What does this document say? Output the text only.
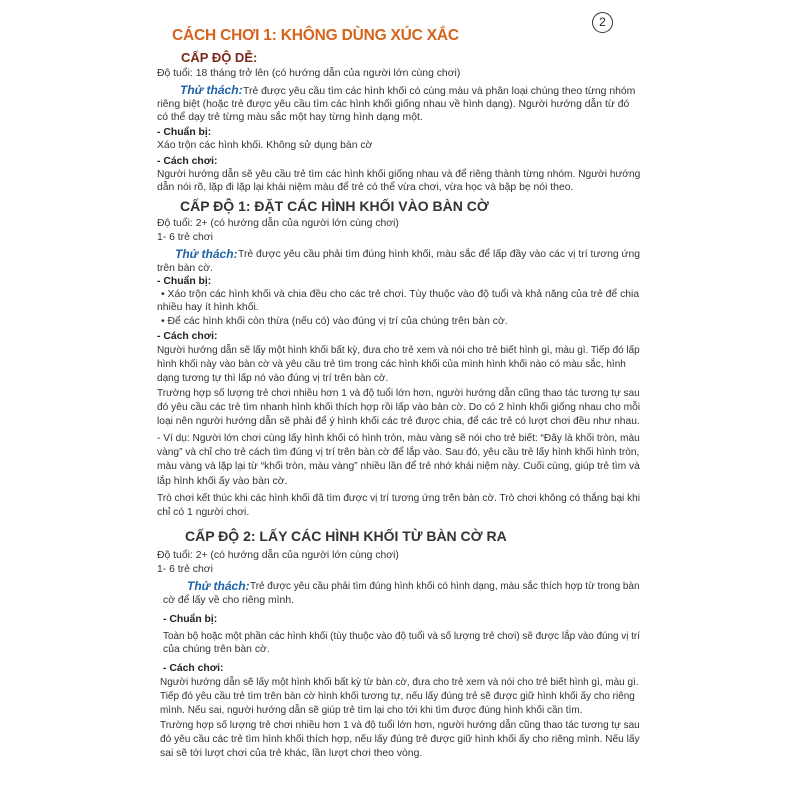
2
CÁCH CHƠI 1: KHÔNG DÙNG XÚC XẮC
CẤP ĐỘ DỄ:
Độ tuổi: 18 tháng trở lên (có hướng dẫn của người lớn cùng chơi)
Thử thách: Trẻ được yêu cầu tìm các hình khối có cùng màu và phân loại chúng theo từng nhóm
riêng biệt (hoặc trẻ được yêu cầu tìm các hình khối giống nhau về hình dạng). Người hướng dẫn từ đó
có thể dạy trẻ từng màu sắc một hay từng hình dạng một.
- Chuẩn bị:
Xáo trộn các hình khối. Không sử dụng bàn cờ
- Cách chơi:
Người hướng dẫn sẽ yêu cầu trẻ tìm các hình khối giống nhau và để riêng thành từng nhóm. Người hướng
dẫn nói rõ, lặp đi lặp lại khái niệm màu để trẻ có thể vừa chơi, vừa học và bập bẹ nói theo.
CẤP ĐỘ 1: ĐẶT CÁC HÌNH KHỐI VÀO BÀN CỜ
Độ tuổi: 2+ (có hướng dẫn của người lớn cùng chơi)
1- 6 trẻ chơi
Thử thách: Trẻ được yêu cầu phải tìm đúng hình khối, màu sắc để lấp đầy vào các vị trí tương ứng
trên bàn cờ.
- Chuẩn bị:
• Xáo trộn các hình khối và chia đều cho các trẻ chơi. Tùy thuộc vào độ tuổi và khả năng của trẻ để chia
nhiều hay ít hình khối.
• Để các hình khối còn thừa (nếu có) vào đúng vị trí của chúng trên bàn cờ.
- Cách chơi:
Người hướng dẫn sẽ lấy một hình khối bất kỳ, đưa cho trẻ xem và nói cho trẻ biết hình gì, màu gì. Tiếp đó lấp
hình khối này vào bàn cờ và yêu cầu trẻ tìm trong các hình khối của mình hình khối nào có màu sắc, hình
dạng tương tự thì lấp nó vào đúng vị trí trên bàn cờ.
Trường hợp số lượng trẻ chơi nhiều hơn 1 và độ tuổi lớn hơn, người hướng dẫn cũng thao tác tương tự sau
đó yêu cầu các trẻ tìm nhanh hình khối thích hợp rồi lấp vào bàn cờ. Do có 2 hình khối giống nhau cho mỗi
loại nên người hướng dẫn sẽ phải để ý hình khối các trẻ được chia, để các trẻ có lượt chơi đều như nhau.
- Ví dụ: Người lớn chơi cùng lấy hình khối có hình tròn, màu vàng sẽ nói cho trẻ biết: “Đây là khối tròn, màu
vàng” và chỉ cho trẻ cách tìm đúng vị trí trên bàn cờ để lắp vào. Sau đó, yêu cầu trẻ lấy hình khối hình tròn,
màu vàng và lặp lại từ “khối tròn, màu vàng” nhiều lần để trẻ nhớ khái niệm này. Cuối cùng, giúp trẻ tìm và
lắp hình khối ấy vào bàn cờ.
Trò chơi kết thúc khi các hình khối đã tìm được vị trí tương ứng trên bàn cờ. Trò chơi không có thắng bại khi
chỉ có 1 người chơi.
CẤP ĐỘ 2: LẤY CÁC HÌNH KHỐI TỪ BÀN CỜ RA
Độ tuổi: 2+ (có hướng dẫn của người lớn cùng chơi)
1- 6 trẻ chơi
Thử thách: Trẻ được yêu cầu phải tìm đúng hình khối có hình dạng, màu sắc thích hợp từ trong bàn
cờ để lấy về cho riêng mình.
- Chuẩn bị:
Toàn bộ hoặc một phần các hình khối (tùy thuộc vào độ tuổi và số lượng trẻ chơi) sẽ được lắp vào đúng vị trí
của chúng trên bàn cờ.
- Cách chơi:
Người hướng dẫn sẽ lấy một hình khối bất kỳ từ bàn cờ, đưa cho trẻ xem và nói cho trẻ biết hình gì, màu gì.
Tiếp đó yêu cầu trẻ tìm trên bàn cờ hình khối tương tự, nếu lấy đúng trẻ sẽ được giữ hình khối ấy cho riêng
mình. Nếu sai, người hướng dẫn sẽ giúp trẻ tìm lại cho tới khi tìm được đúng hình khối cần tìm.
Trường hợp số lượng trẻ chơi nhiều hơn 1 và độ tuổi lớn hơn, người hướng dẫn cũng thao tác tương tự sau
đó yêu cầu các trẻ tìm hình khối thích hợp, nếu lấy đúng trẻ được giữ hình khối ấy cho riêng mình. Nếu lấy
sai sẽ tới lượt chơi của trẻ khác, lần lượt chơi theo vòng.
